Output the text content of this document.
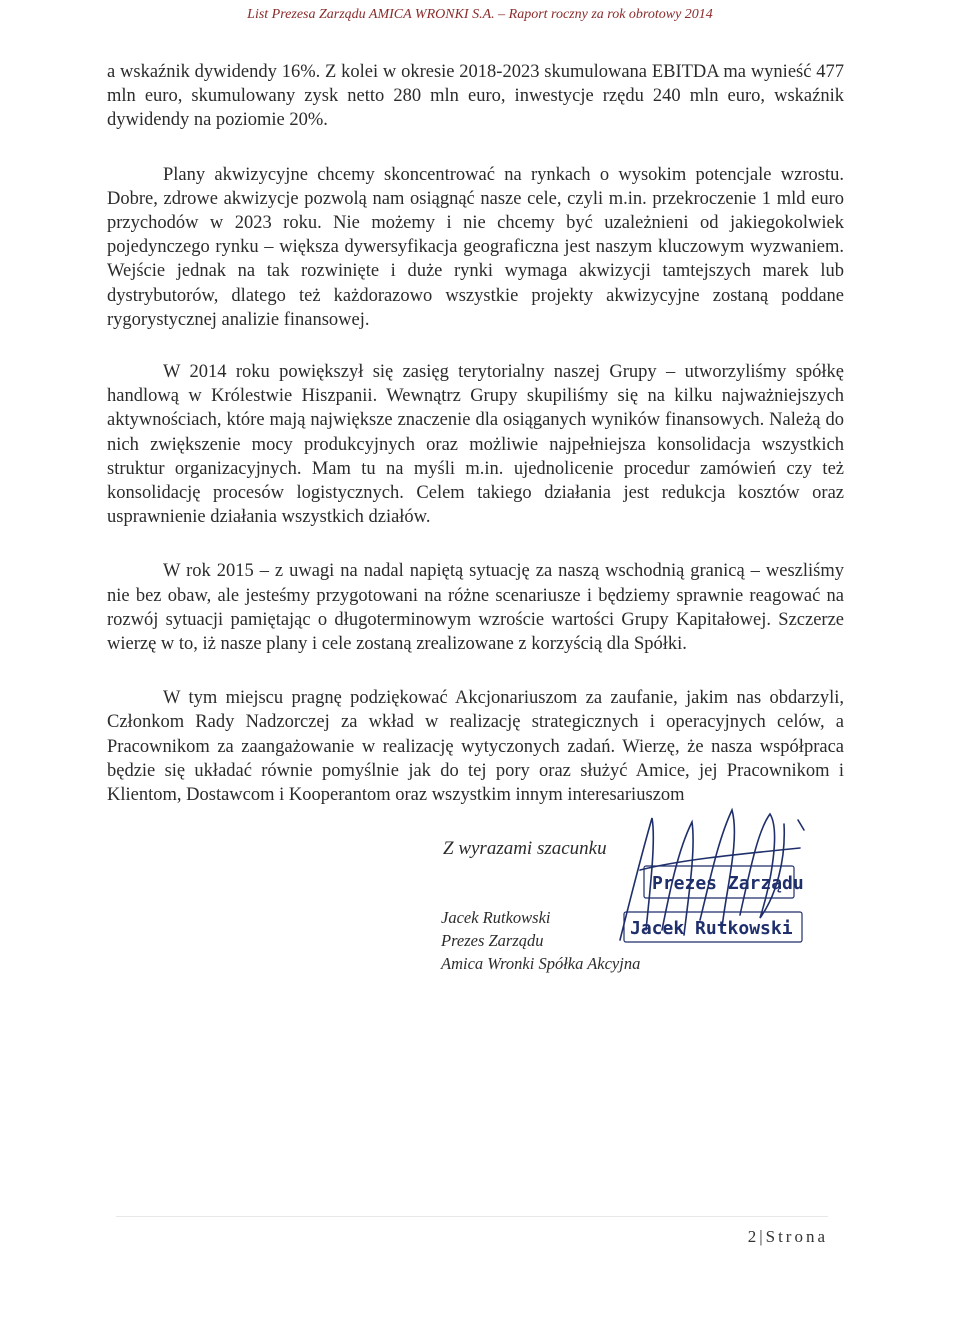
List Prezesa Zarządu AMICA WRONKI S.A. – Raport roczny za rok obrotowy 2014

a wskaźnik dywidendy 16%. Z kolei w okresie 2018-2023 skumulowana EBITDA ma wynieść 477 mln euro, skumulowany zysk netto 280 mln euro, inwestycje rzędu 240 mln euro, wskaźnik dywidendy na poziomie 20%.

Plany akwizycyjne chcemy skoncentrować na rynkach o wysokim potencjale wzrostu. Dobre, zdrowe akwizycje pozwolą nam osiągnąć nasze cele, czyli m.in. przekroczenie 1 mld euro przychodów w 2023 roku. Nie możemy i nie chcemy być uzależnieni od jakiegokolwiek pojedynczego rynku – większa dywersyfikacja geograficzna jest naszym kluczowym wyzwaniem. Wejście jednak na tak rozwinięte i duże rynki wymaga akwizycji tamtejszych marek lub dystrybutorów, dlatego też każdorazowo wszystkie projekty akwizycyjne zostaną poddane rygorystycznej analizie finansowej.

W 2014 roku powiększył się zasięg terytorialny naszej Grupy – utworzyliśmy spółkę handlową w Królestwie Hiszpanii. Wewnątrz Grupy skupiliśmy się na kilku najważniejszych aktywnościach, które mają największe znaczenie dla osiąganych wyników finansowych. Należą do nich zwiększenie mocy produkcyjnych oraz możliwie najpełniejsza konsolidacja wszystkich struktur organizacyjnych. Mam tu na myśli m.in. ujednolicenie procedur zamówień czy też konsolidację procesów logistycznych. Celem takiego działania jest redukcja kosztów oraz usprawnienie działania wszystkich działów.

W rok 2015 – z uwagi na nadal napiętą sytuację za naszą wschodnią granicą – weszliśmy nie bez obaw, ale jesteśmy przygotowani na różne scenariusze i będziemy sprawnie reagować na rozwój sytuacji pamiętając o długoterminowym wzroście wartości Grupy Kapitałowej. Szczerze wierzę w to, iż nasze plany i cele zostaną zrealizowane z korzyścią dla Spółki.

W tym miejscu pragnę podziękować Akcjonariuszom za zaufanie, jakim nas obdarzyli, Członkom Rady Nadzorczej za wkład w realizację strategicznych i operacyjnych celów, a Pracownikom za zaangażowanie w realizację wytyczonych zadań. Wierzę, że nasza współpraca będzie się układać równie pomyślnie jak do tej pory oraz służyć Amice, jej Pracownikom i Klientom, Dostawcom i Kooperantom oraz wszystkim innym interesariuszom

Z wyrazami szacunku
Jacek Rutkowski
Prezes Zarządu
Amica Wronki Spółka Akcyjna
Prezes Zarządu
Jacek Rutkowski
2|Strona
